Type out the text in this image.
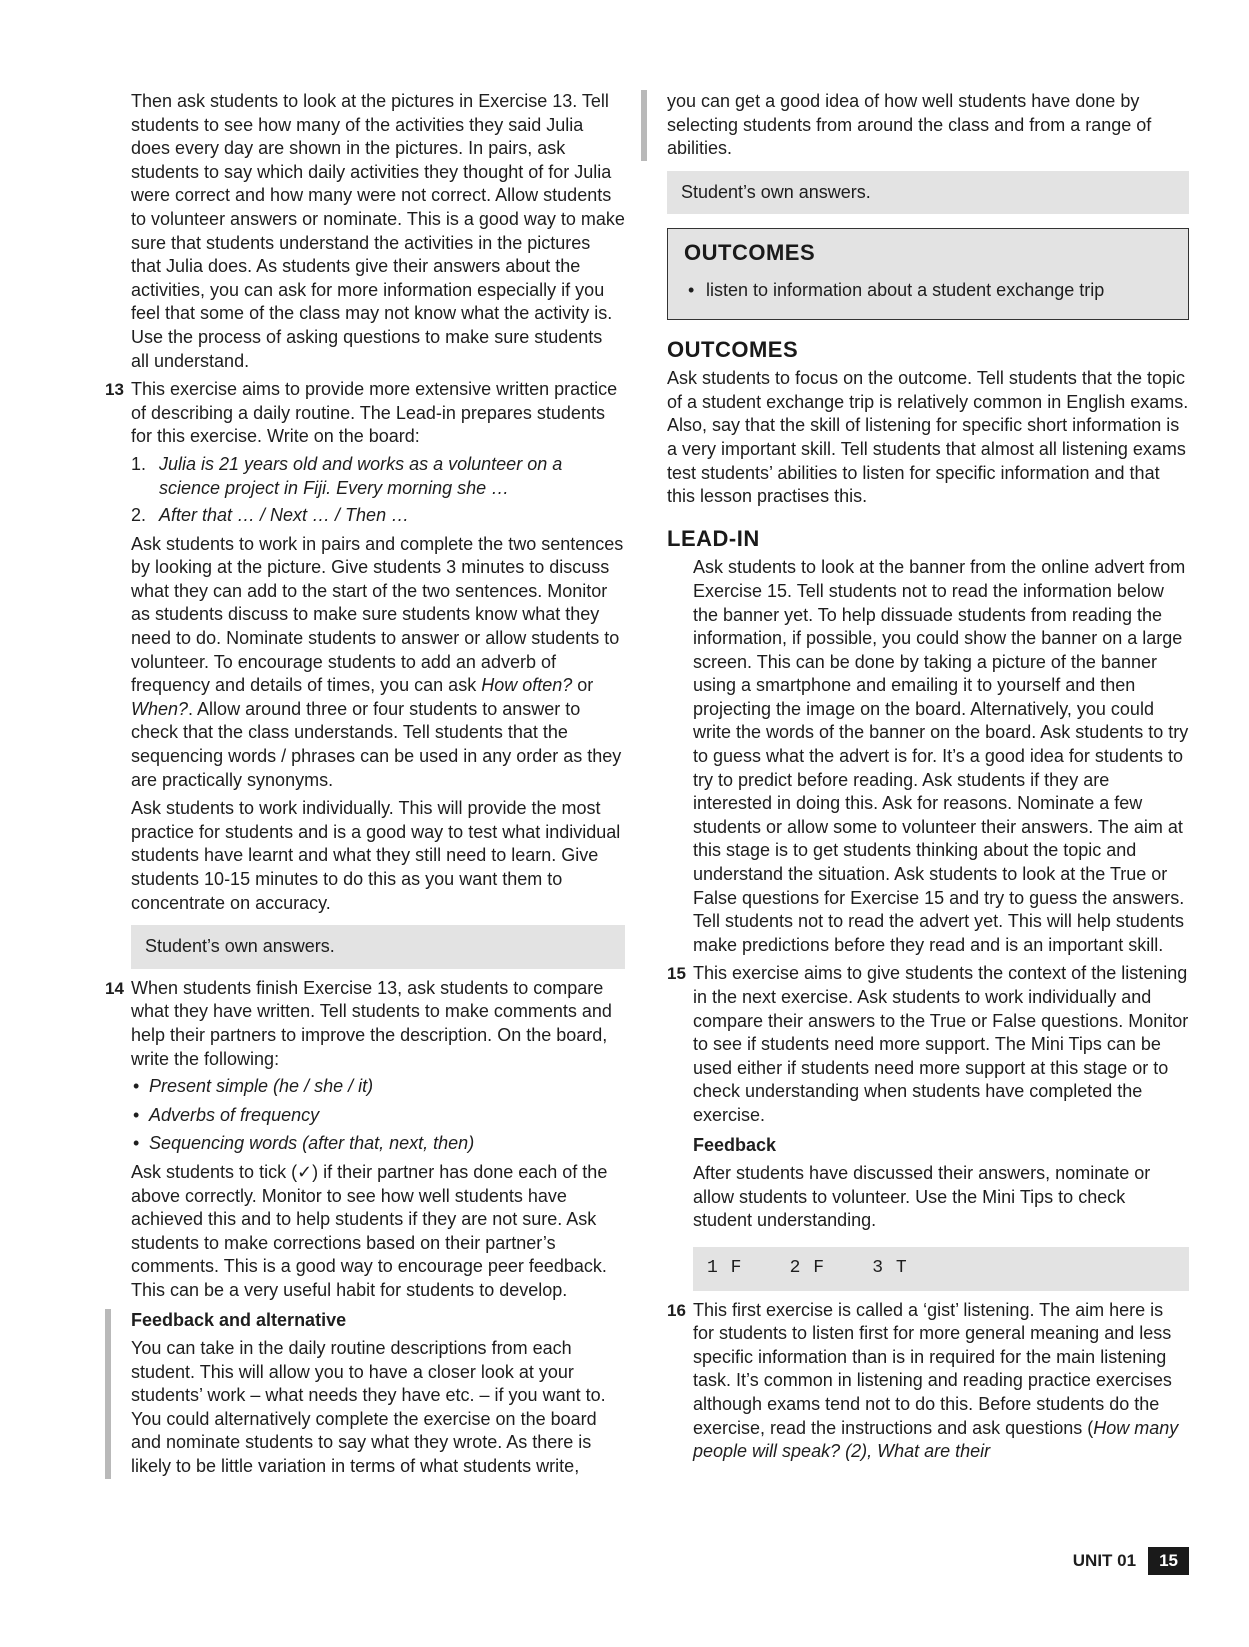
Then ask students to look at the pictures in Exercise 13. Tell students to see how many of the activities they said Julia does every day are shown in the pictures. In pairs, ask students to say which daily activities they thought of for Julia were correct and how many were not correct. Allow students to volunteer answers or nominate. This is a good way to make sure that students understand the activities in the pictures that Julia does. As students give their answers about the activities, you can ask for more information especially if you feel that some of the class may not know what the activity is. Use the process of asking questions to make sure students all understand.

13 This exercise aims to provide more extensive written practice of describing a daily routine. The Lead-in prepares students for this exercise. Write on the board:

1. Julia is 21 years old and works as a volunteer on a science project in Fiji. Every morning she …
2. After that … / Next … / Then …

Ask students to work in pairs and complete the two sentences by looking at the picture. Give students 3 minutes to discuss what they can add to the start of the two sentences. Monitor as students discuss to make sure students know what they need to do. Nominate students to answer or allow students to volunteer. To encourage students to add an adverb of frequency and details of times, you can ask How often? or When?. Allow around three or four students to answer to check that the class understands. Tell students that the sequencing words / phrases can be used in any order as they are practically synonyms.

Ask students to work individually. This will provide the most practice for students and is a good way to test what individual students have learnt and what they still need to learn. Give students 10-15 minutes to do this as you want them to concentrate on accuracy.

Student’s own answers.
14 When students finish Exercise 13, ask students to compare what they have written. Tell students to make comments and help their partners to improve the description. On the board, write the following:

• Present simple (he / she / it)
• Adverbs of frequency
• Sequencing words (after that, next, then)

Ask students to tick (✓) if their partner has done each of the above correctly. Monitor to see how well students have achieved this and to help students if they are not sure. Ask students to make corrections based on their partner’s comments. This is a good way to encourage peer feedback. This can be a very useful habit for students to develop.

Feedback and alternative

You can take in the daily routine descriptions from each student. This will allow you to have a closer look at your students’ work – what needs they have etc. – if you want to. You could alternatively complete the exercise on the board and nominate students to say what they wrote. As there is likely to be little variation in terms of what students write,

you can get a good idea of how well students have done by selecting students from around the class and from a range of abilities.

Student’s own answers.
OUTCOMES
• listen to information about a student exchange trip
OUTCOMES

Ask students to focus on the outcome. Tell students that the topic of a student exchange trip is relatively common in English exams. Also, say that the skill of listening for specific short information is a very important skill. Tell students that almost all listening exams test students’ abilities to listen for specific information and that this lesson practises this.

LEAD-IN

Ask students to look at the banner from the online advert from Exercise 15. Tell students not to read the information below the banner yet. To help dissuade students from reading the information, if possible, you could show the banner on a large screen. This can be done by taking a picture of the banner using a smartphone and emailing it to yourself and then projecting the image on the board. Alternatively, you could write the words of the banner on the board. Ask students to try to guess what the advert is for. It’s a good idea for students to try to predict before reading. Ask students if they are interested in doing this. Ask for reasons. Nominate a few students or allow some to volunteer their answers. The aim at this stage is to get students thinking about the topic and understand the situation. Ask students to look at the True or False questions for Exercise 15 and try to guess the answers. Tell students not to read the advert yet. This will help students make predictions before they read and is an important skill.

15 This exercise aims to give students the context of the listening in the next exercise. Ask students to work individually and compare their answers to the True or False questions. Monitor to see if students need more support. The Mini Tips can be used either if students need more support at this stage or to check understanding when students have completed the exercise.

Feedback

After students have discussed their answers, nominate or allow students to volunteer. Use the Mini Tips to check student understanding.

1 F    2 F    3 T
16 This first exercise is called a ‘gist’ listening. The aim here is for students to listen first for more general meaning and less specific information than is in required for the main listening task. It’s common in listening and reading practice exercises although exams tend not to do this. Before students do the exercise, read the instructions and ask questions (How many people will speak? (2), What are their

UNIT 01	15
